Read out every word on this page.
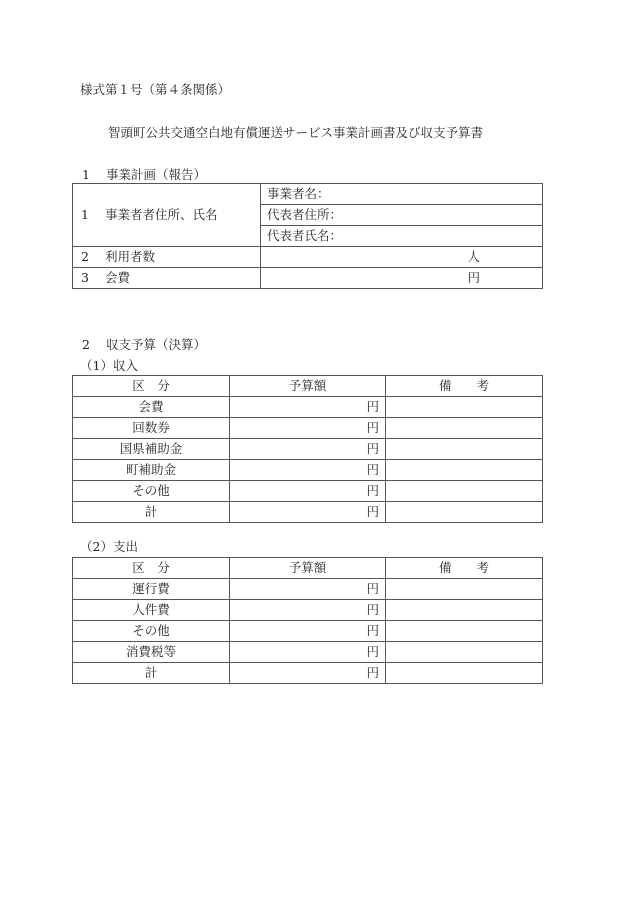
様式第１号（第４条関係）
智頭町公共交通空白地有償運送サービス事業計画書及び収支予算書
1 事業計画（報告）
1 事業者者住所、氏名	事業者名：
	代表者住所：
	代表者氏名：
2 利用者数	人
3 会費	円
2 収支予算（決算）
（1）収入
区　分	予算額	備　　考
会費	円	
回数券	円	
国県補助金	円	
町補助金	円	
その他	円	
計	円	
（2）支出
区　分	予算額	備　　考
運行費	円	
人件費	円	
その他	円	
消費税等	円	
計	円	
